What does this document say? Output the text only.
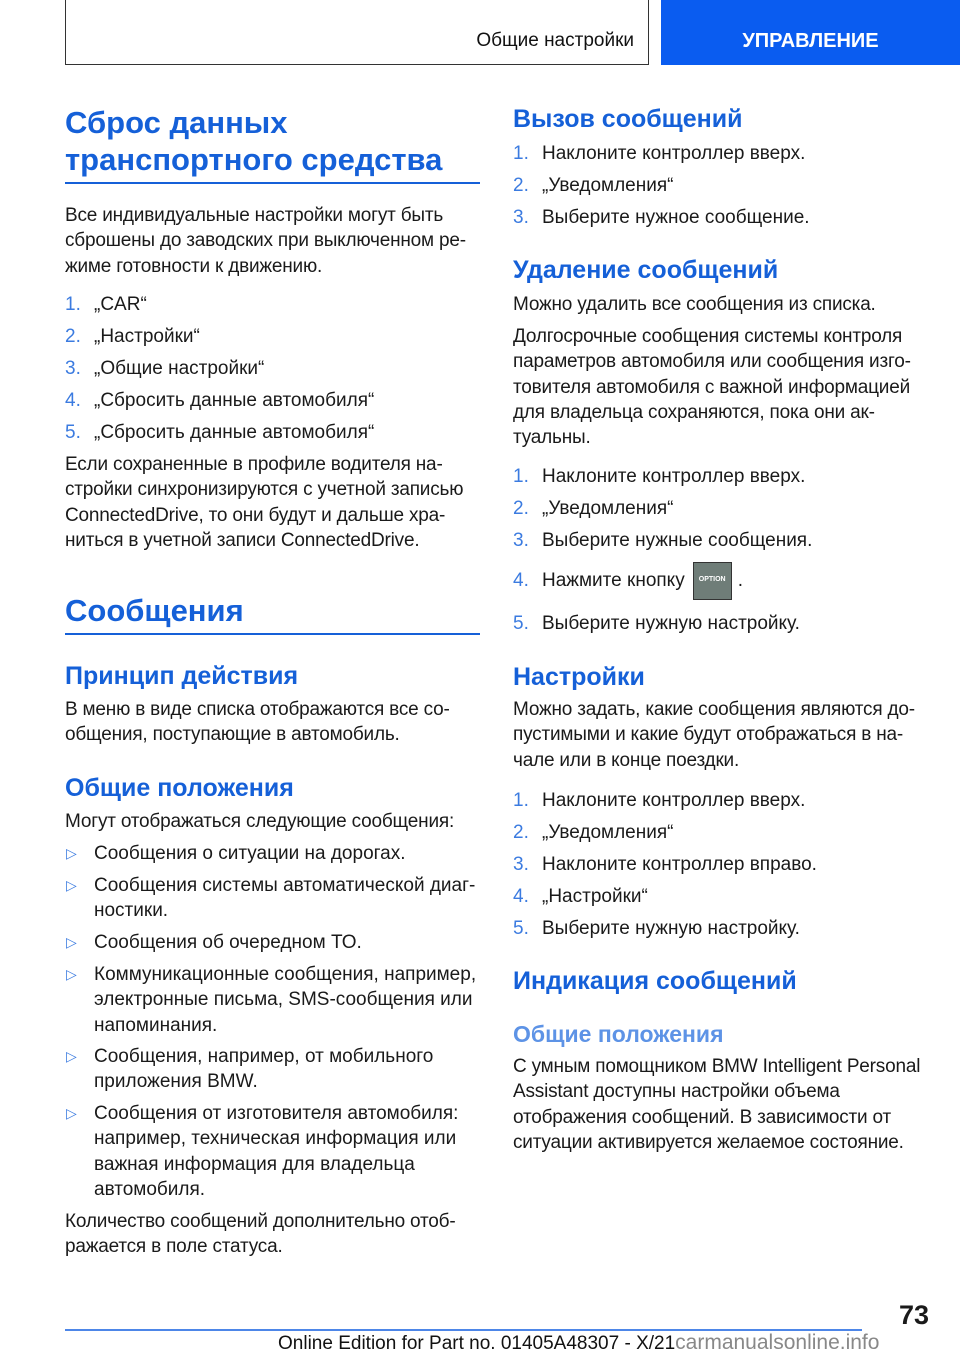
Общие настройки	УПРАВЛЕНИЕ
Сброс данных транспортного средства
Все индивидуальные настройки могут быть сброшены до заводских при выключенном режиме готовности к движению.
1. „CAR“
2. „Настройки“
3. „Общие настройки“
4. „Сбросить данные автомобиля“
5. „Сбросить данные автомобиля“
Если сохраненные в профиле водителя настройки синхронизируются с учетной записью ConnectedDrive, то они будут и дальше храниться в учетной записи ConnectedDrive.
Сообщения
Принцип действия
В меню в виде списка отображаются все сообщения, поступающие в автомобиль.
Общие положения
Могут отображаться следующие сообщения:
▷ Сообщения о ситуации на дорогах.
▷ Сообщения системы автоматической диагностики.
▷ Сообщения об очередном ТО.
▷ Коммуникационные сообщения, например, электронные письма, SMS-сообщения или напоминания.
▷ Сообщения, например, от мобильного приложения BMW.
▷ Сообщения от изготовителя автомобиля: например, техническая информация или важная информация для владельца автомобиля.
Количество сообщений дополнительно отображается в поле статуса.
Вызов сообщений
1. Наклоните контроллер вверх.
2. „Уведомления“
3. Выберите нужное сообщение.
Удаление сообщений
Можно удалить все сообщения из списка.
Долгосрочные сообщения системы контроля параметров автомобиля или сообщения изготовителя автомобиля с важной информацией для владельца сохраняются, пока они актуальны.
1. Наклоните контроллер вверх.
2. „Уведомления“
3. Выберите нужные сообщения.
4. Нажмите кнопку OPTION .
5. Выберите нужную настройку.
Настройки
Можно задать, какие сообщения являются допустимыми и какие будут отображаться в начале или в конце поездки.
1. Наклоните контроллер вверх.
2. „Уведомления“
3. Наклоните контроллер вправо.
4. „Настройки“
5. Выберите нужную настройку.
Индикация сообщений
Общие положения
С умным помощником BMW Intelligent Personal Assistant доступны настройки объема отображения сообщений. В зависимости от ситуации активируется желаемое состояние.
73
Online Edition for Part no. 01405A48307 - X/21carmanualsonline.info
